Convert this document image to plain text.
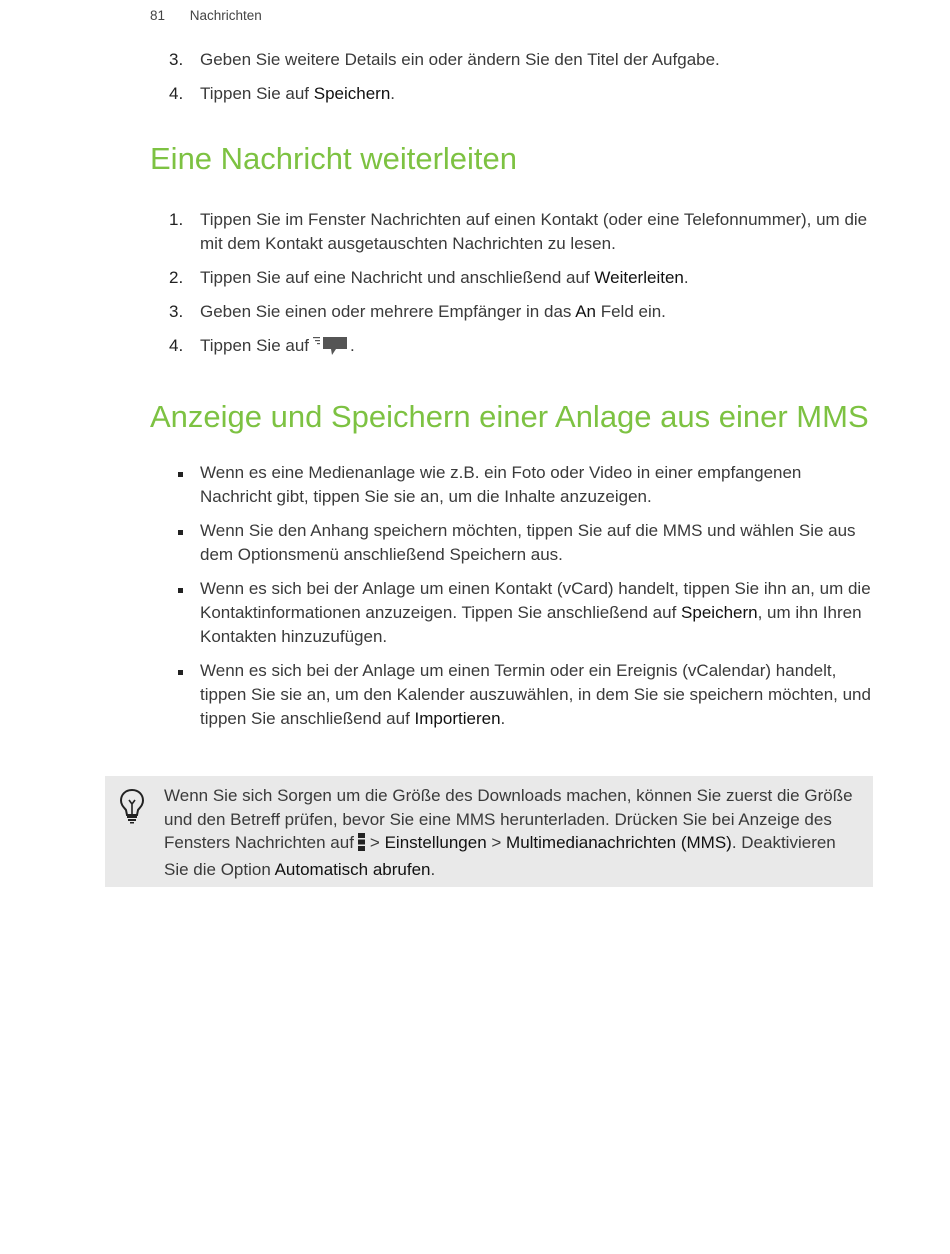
81 Nachrichten
3. Geben Sie weitere Details ein oder ändern Sie den Titel der Aufgabe.
4. Tippen Sie auf Speichern.
Eine Nachricht weiterleiten
1. Tippen Sie im Fenster Nachrichten auf einen Kontakt (oder eine Telefonnummer), um die mit dem Kontakt ausgetauschten Nachrichten zu lesen.
2. Tippen Sie auf eine Nachricht und anschließend auf Weiterleiten.
3. Geben Sie einen oder mehrere Empfänger in das An Feld ein.
4. Tippen Sie auf .
Anzeige und Speichern einer Anlage aus einer MMS
Wenn es eine Medienanlage wie z.B. ein Foto oder Video in einer empfangenen Nachricht gibt, tippen Sie sie an, um die Inhalte anzuzeigen.
Wenn Sie den Anhang speichern möchten, tippen Sie auf die MMS und wählen Sie aus dem Optionsmenü anschließend Speichern aus.
Wenn es sich bei der Anlage um einen Kontakt (vCard) handelt, tippen Sie ihn an, um die Kontaktinformationen anzuzeigen. Tippen Sie anschließend auf Speichern, um ihn Ihren Kontakten hinzuzufügen.
Wenn es sich bei der Anlage um einen Termin oder ein Ereignis (vCalendar) handelt, tippen Sie sie an, um den Kalender auszuwählen, in dem Sie sie speichern möchten, und tippen Sie anschließend auf Importieren.
Wenn Sie sich Sorgen um die Größe des Downloads machen, können Sie zuerst die Größe und den Betreff prüfen, bevor Sie eine MMS herunterladen. Drücken Sie bei Anzeige des Fensters Nachrichten auf > Einstellungen > Multimedianachrichten (MMS). Deaktivieren Sie die Option Automatisch abrufen.
